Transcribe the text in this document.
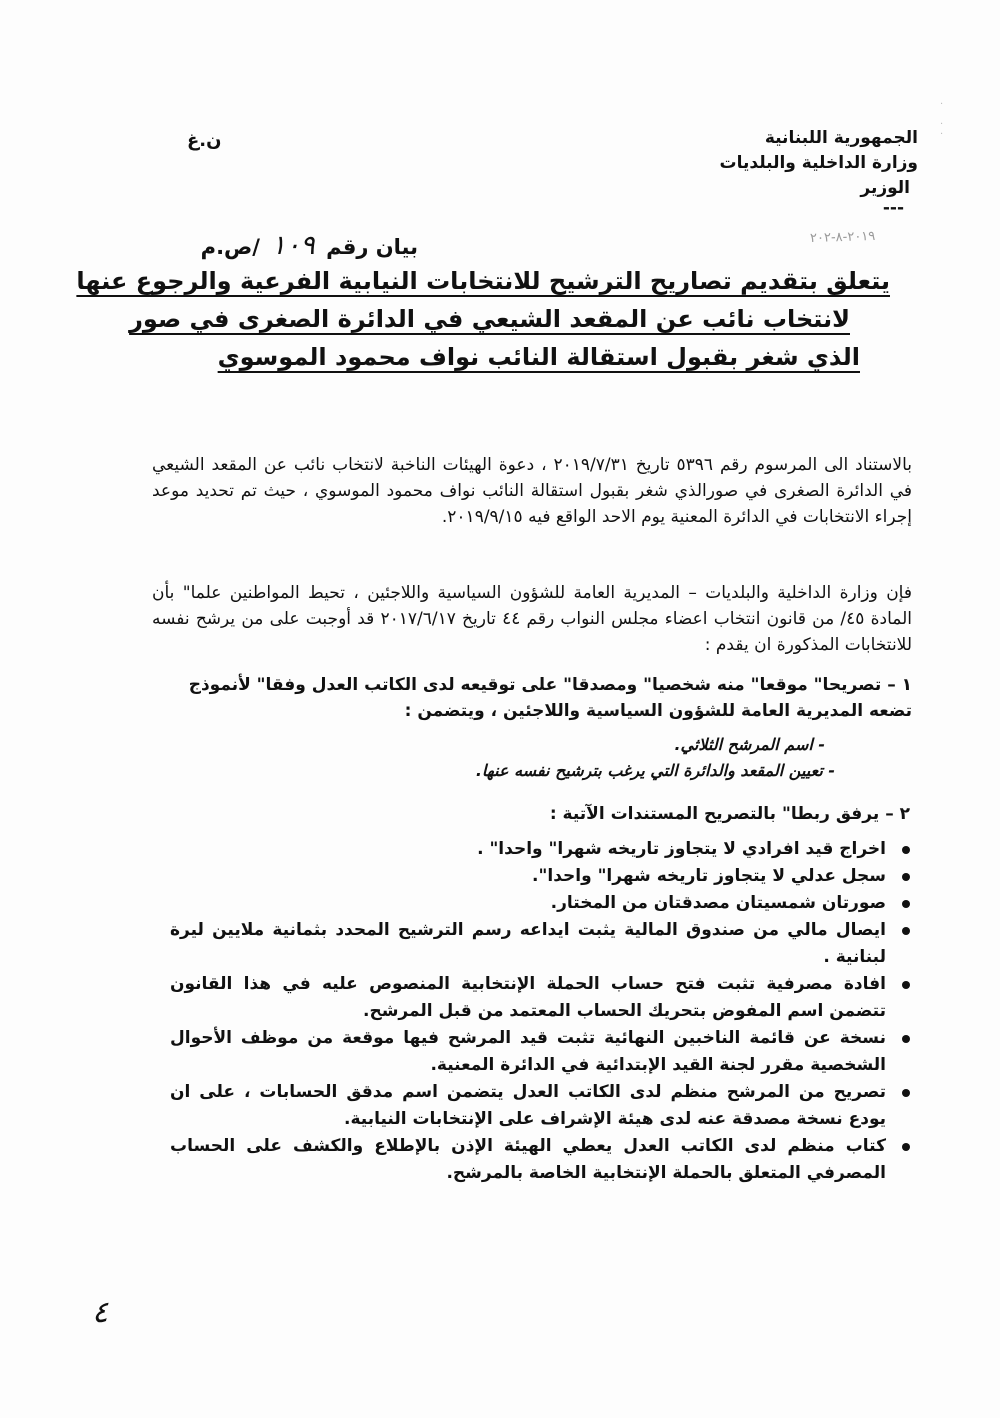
·

·
·
الجمهورية اللبنانية
وزارة الداخلية والبلديات
الوزير
---
ن.غ
٢٠١٩-٨-٢٠٢
بيان رقم ١٠٩ /ص.م
يتعلق بتقديم تصاريح الترشيح للانتخابات النيابية الفرعية والرجوع عنها
لانتخاب نائب عن المقعد الشيعي في الدائرة الصغرى في صور
الذي شغر بقبول استقالة النائب نواف محمود الموسوي
بالاستناد الى المرسوم رقم ٥٣٩٦ تاريخ ٢٠١٩/٧/٣١ ، دعوة الهيئات الناخبة لانتخاب نائب عن المقعد الشيعي في الدائرة الصغرى في صورالذي شغر بقبول استقالة النائب نواف محمود الموسوي ، حيث تم تحديد موعد إجراء الانتخابات في الدائرة المعنية يوم الاحد الواقع فيه ٢٠١٩/٩/١٥.
فإن وزارة الداخلية والبلديات – المديرية العامة للشؤون السياسية واللاجئين ، تحيط المواطنين علما" بأن المادة ٤٥/ من قانون انتخاب اعضاء مجلس النواب رقم ٤٤ تاريخ ٢٠١٧/٦/١٧ قد أوجبت على من يرشح نفسه للانتخابات المذكورة ان يقدم :
١ – تصريحا" موقعا" منه شخصيا" ومصدقا" على توقيعه لدى الكاتب العدل وفقا" لأنموذج تضعه المديرية العامة للشؤون السياسية واللاجئين ، ويتضمن :
- اسم المرشح الثلاثي.
- تعيين المقعد والدائرة التي يرغب بترشيح نفسه عنها.
٢ – يرفق ربطا" بالتصريح المستندات الآتية :
اخراج قيد افرادي لا يتجاوز تاريخه شهرا" واحدا" .
سجل عدلي لا يتجاوز تاريخه شهرا" واحدا".
صورتان شمسيتان مصدقتان من المختار.
ايصال مالي من صندوق المالية يثبت ايداعه رسم الترشيح المحدد بثمانية ملايين ليرة لبنانية .
افادة مصرفية تثبت فتح حساب الحملة الإنتخابية المنصوص عليه في هذا القانون تتضمن اسم المفوض بتحريك الحساب المعتمد من قبل المرشح.
نسخة عن قائمة الناخبين النهائية تثبت قيد المرشح فيها موقعة من موظف الأحوال الشخصية مقرر لجنة القيد الإبتدائية في الدائرة المعنية.
تصريح من المرشح منظم لدى الكاتب العدل يتضمن اسم مدقق الحسابات ، على ان يودع نسخة مصدقة عنه لدى هيئة الإشراف على الإنتخابات النيابية.
كتاب منظم لدى الكاتب العدل يعطي الهيئة الإذن بالإطلاع والكشف على الحساب المصرفي المتعلق بالحملة الإنتخابية الخاصة بالمرشح.
٤
